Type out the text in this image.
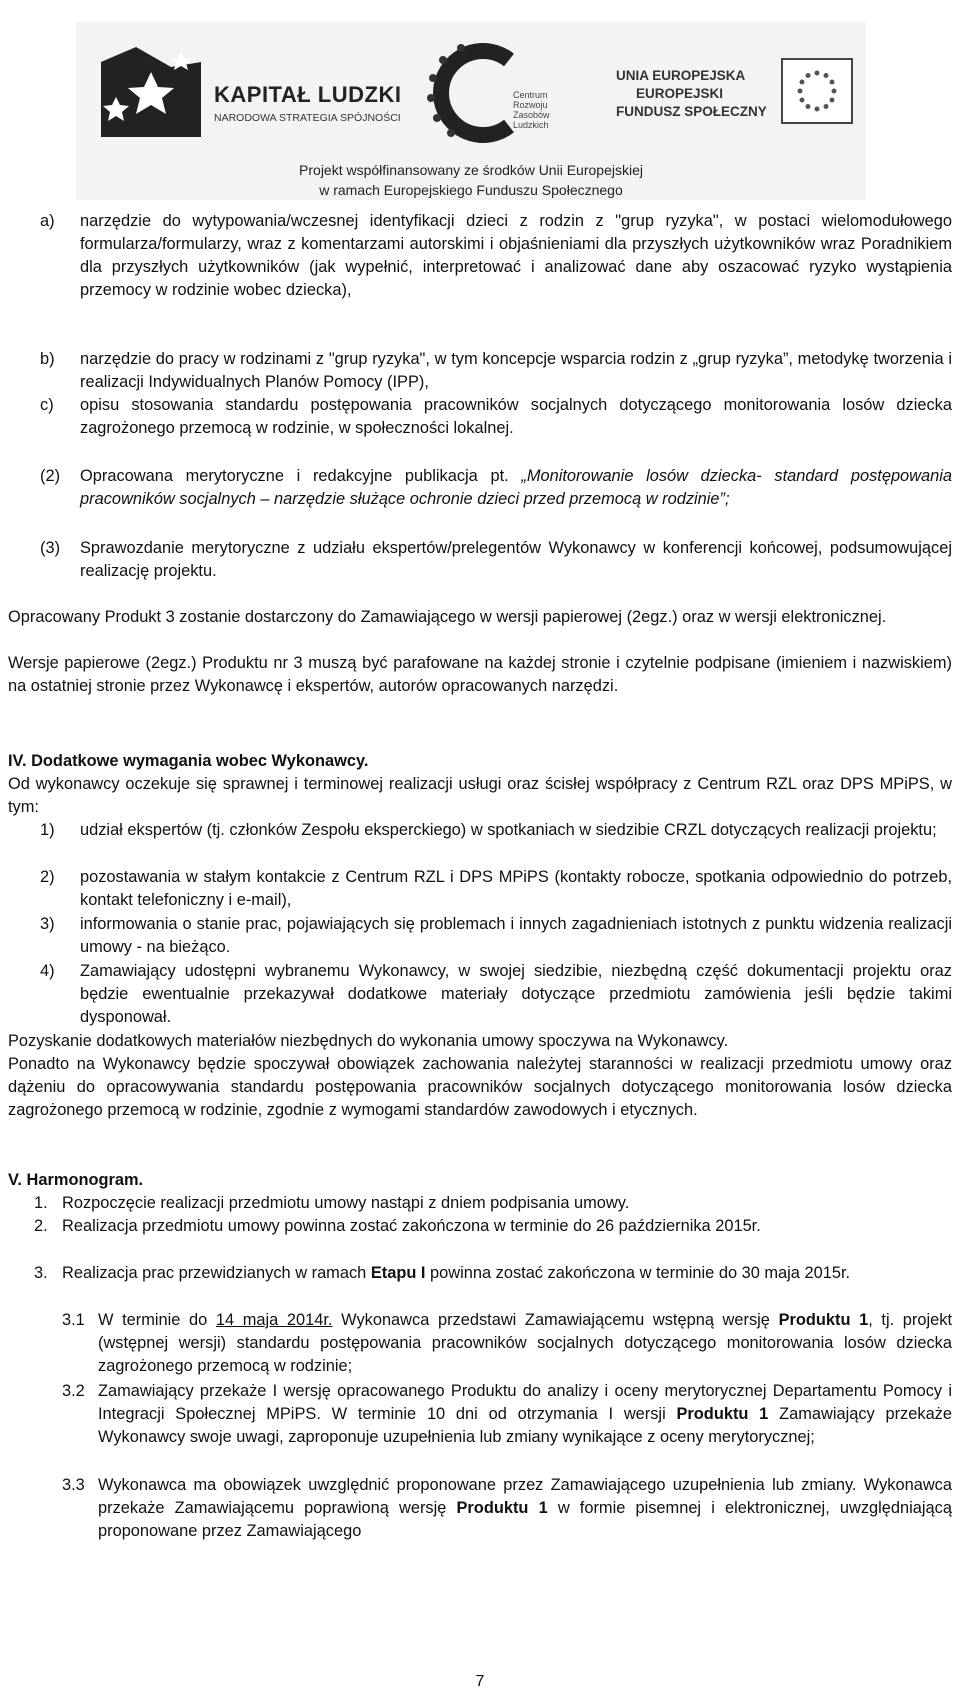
KAPITAŁ LUDZKI
NARODOWA STRATEGIA SPÓJNOŚCI
Centrum
Rozwoju
Zasobów
Ludzkich
UNIA EUROPEJSKA
EUROPEJSKI
FUNDUSZ SPOŁECZNY
Projekt współfinansowany ze środków Unii Europejskiej
w ramach Europejskiego Funduszu Społecznego
a) narzędzie do wytypowania/wczesnej identyfikacji dzieci z rodzin z "grup ryzyka", w postaci wielomodułowego formularza/formularzy, wraz z komentarzami autorskimi i objaśnieniami dla przyszłych użytkowników wraz Poradnikiem dla przyszłych użytkowników (jak wypełnić, interpretować i analizować dane aby oszacować ryzyko wystąpienia przemocy w rodzinie wobec dziecka),
b) narzędzie do pracy w rodzinami z "grup ryzyka", w tym koncepcje wsparcia rodzin z „grup ryzyka”, metodykę tworzenia i realizacji Indywidualnych Planów Pomocy (IPP),
c) opisu stosowania standardu postępowania pracowników socjalnych dotyczącego monitorowania losów dziecka zagrożonego przemocą w rodzinie, w społeczności lokalnej.
(2) Opracowana merytoryczne i redakcyjne publikacja pt. „Monitorowanie losów dziecka- standard postępowania pracowników socjalnych – narzędzie służące ochronie dzieci przed przemocą w rodzinie”;
(3) Sprawozdanie merytoryczne z udziału ekspertów/prelegentów Wykonawcy w konferencji końcowej, podsumowującej realizację projektu.
Opracowany Produkt 3 zostanie dostarczony do Zamawiającego w wersji papierowej (2egz.) oraz w wersji elektronicznej.
Wersje papierowe (2egz.) Produktu nr 3 muszą być parafowane na każdej stronie i czytelnie podpisane (imieniem i nazwiskiem) na ostatniej stronie przez Wykonawcę i ekspertów, autorów opracowanych narzędzi.
IV. Dodatkowe wymagania wobec Wykonawcy.
Od wykonawcy oczekuje się sprawnej i terminowej realizacji usługi oraz ścisłej współpracy z Centrum RZL oraz DPS MPiPS, w tym:
1) udział ekspertów (tj. członków Zespołu eksperckiego) w spotkaniach w siedzibie CRZL dotyczących realizacji projektu;
2) pozostawania w stałym kontakcie z Centrum RZL i DPS MPiPS (kontakty robocze, spotkania odpowiednio do potrzeb, kontakt telefoniczny i e-mail),
3) informowania o stanie prac, pojawiających się problemach i innych zagadnieniach istotnych z punktu widzenia realizacji umowy - na bieżąco.
4) Zamawiający udostępni wybranemu Wykonawcy, w swojej siedzibie, niezbędną część dokumentacji projektu oraz będzie ewentualnie przekazywał dodatkowe materiały dotyczące przedmiotu zamówienia jeśli będzie takimi dysponował.
Pozyskanie dodatkowych materiałów niezbędnych do wykonania umowy spoczywa na Wykonawcy.
Ponadto na Wykonawcy będzie spoczywał obowiązek zachowania należytej staranności w realizacji przedmiotu umowy oraz dążeniu do opracowywania standardu postępowania pracowników socjalnych dotyczącego monitorowania losów dziecka zagrożonego przemocą w rodzinie, zgodnie z wymogami standardów zawodowych i etycznych.
V. Harmonogram.
1. Rozpoczęcie realizacji przedmiotu umowy nastąpi z dniem podpisania umowy.
2. Realizacja przedmiotu umowy powinna zostać zakończona w terminie do 26 października 2015r.
3. Realizacja prac przewidzianych w ramach Etapu I powinna zostać zakończona w terminie do 30 maja 2015r.
3.1 W terminie do 14 maja 2014r. Wykonawca przedstawi Zamawiającemu wstępną wersję Produktu 1, tj. projekt (wstępnej wersji) standardu postępowania pracowników socjalnych dotyczącego monitorowania losów dziecka zagrożonego przemocą w rodzinie;
3.2 Zamawiający przekaże I wersję opracowanego Produktu do analizy i oceny merytorycznej Departamentu Pomocy i Integracji Społecznej MPiPS. W terminie 10 dni od otrzymania I wersji Produktu 1 Zamawiający przekaże Wykonawcy swoje uwagi, zaproponuje uzupełnienia lub zmiany wynikające z oceny merytorycznej;
3.3 Wykonawca ma obowiązek uwzględnić proponowane przez Zamawiającego uzupełnienia lub zmiany. Wykonawca przekaże Zamawiającemu poprawioną wersję Produktu 1 w formie pisemnej i elektronicznej, uwzględniającą proponowane przez Zamawiającego
7
